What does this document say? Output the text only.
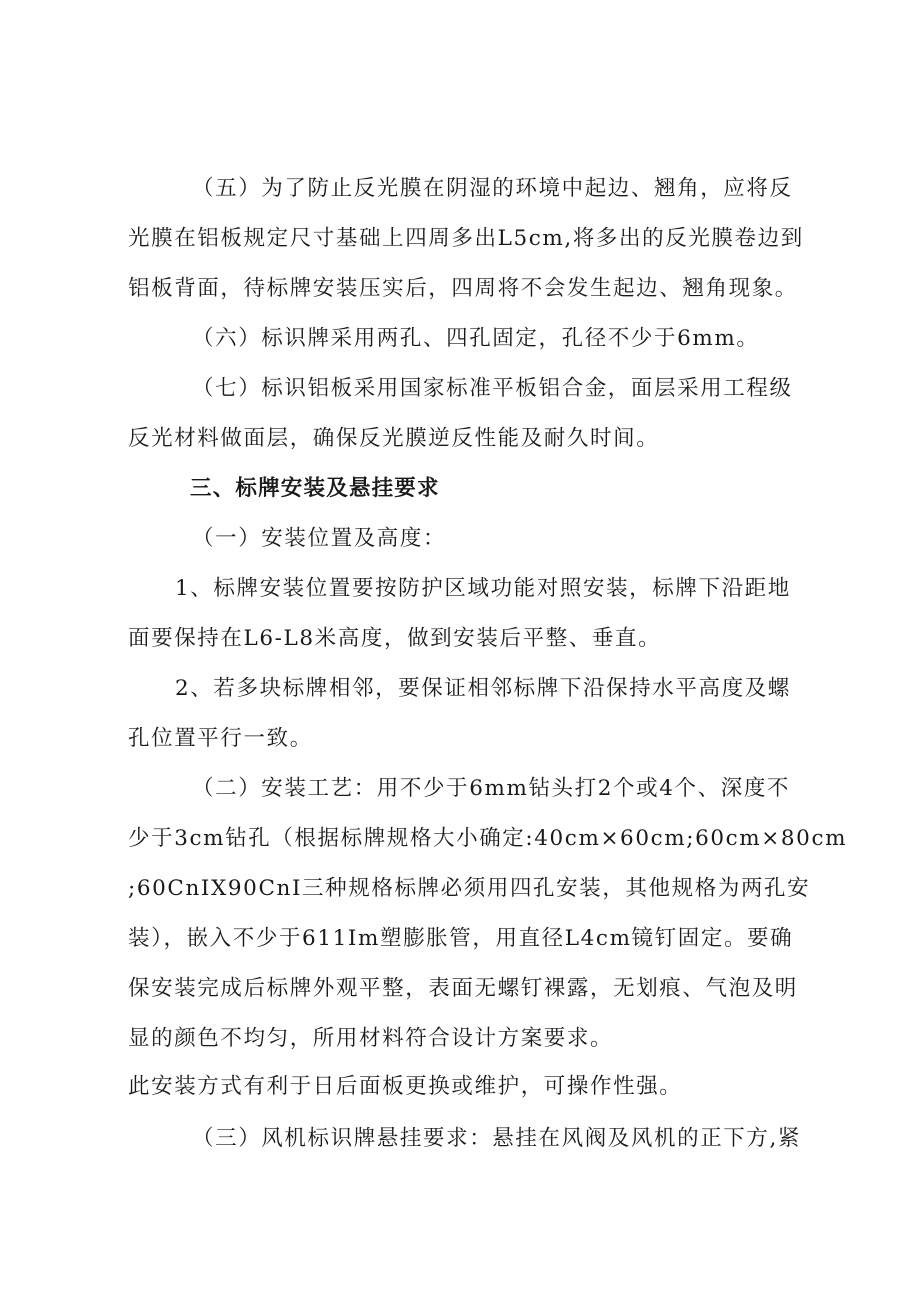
（五）为了防止反光膜在阴湿的环境中起边、翘角，应将反
光膜在铝板规定尺寸基础上四周多出L5cm,将多出的反光膜卷边到
铝板背面，待标牌安装压实后，四周将不会发生起边、翘角现象。
（六）标识牌采用两孔、四孔固定，孔径不少于6mm。
（七）标识铝板采用国家标准平板铝合金，面层采用工程级
反光材料做面层，确保反光膜逆反性能及耐久时间。
三、标牌安装及悬挂要求
（一）安装位置及高度：
1、标牌安装位置要按防护区域功能对照安装，标牌下沿距地
面要保持在L6-L8米高度，做到安装后平整、垂直。
2、若多块标牌相邻，要保证相邻标牌下沿保持水平高度及螺
孔位置平行一致。
（二）安装工艺：用不少于6mm钻头打2个或4个、深度不
少于3cm钻孔（根据标牌规格大小确定:40cm×60cm;60cm×80cm
;60CnIX90CnI三种规格标牌必须用四孔安装，其他规格为两孔安
装），嵌入不少于611Im塑膨胀管，用直径L4cm镜钉固定。要确
保安装完成后标牌外观平整，表面无螺钉裸露，无划痕、气泡及明
显的颜色不均匀，所用材料符合设计方案要求。
此安装方式有利于日后面板更换或维护，可操作性强。
（三）风机标识牌悬挂要求：悬挂在风阀及风机的正下方,紧
